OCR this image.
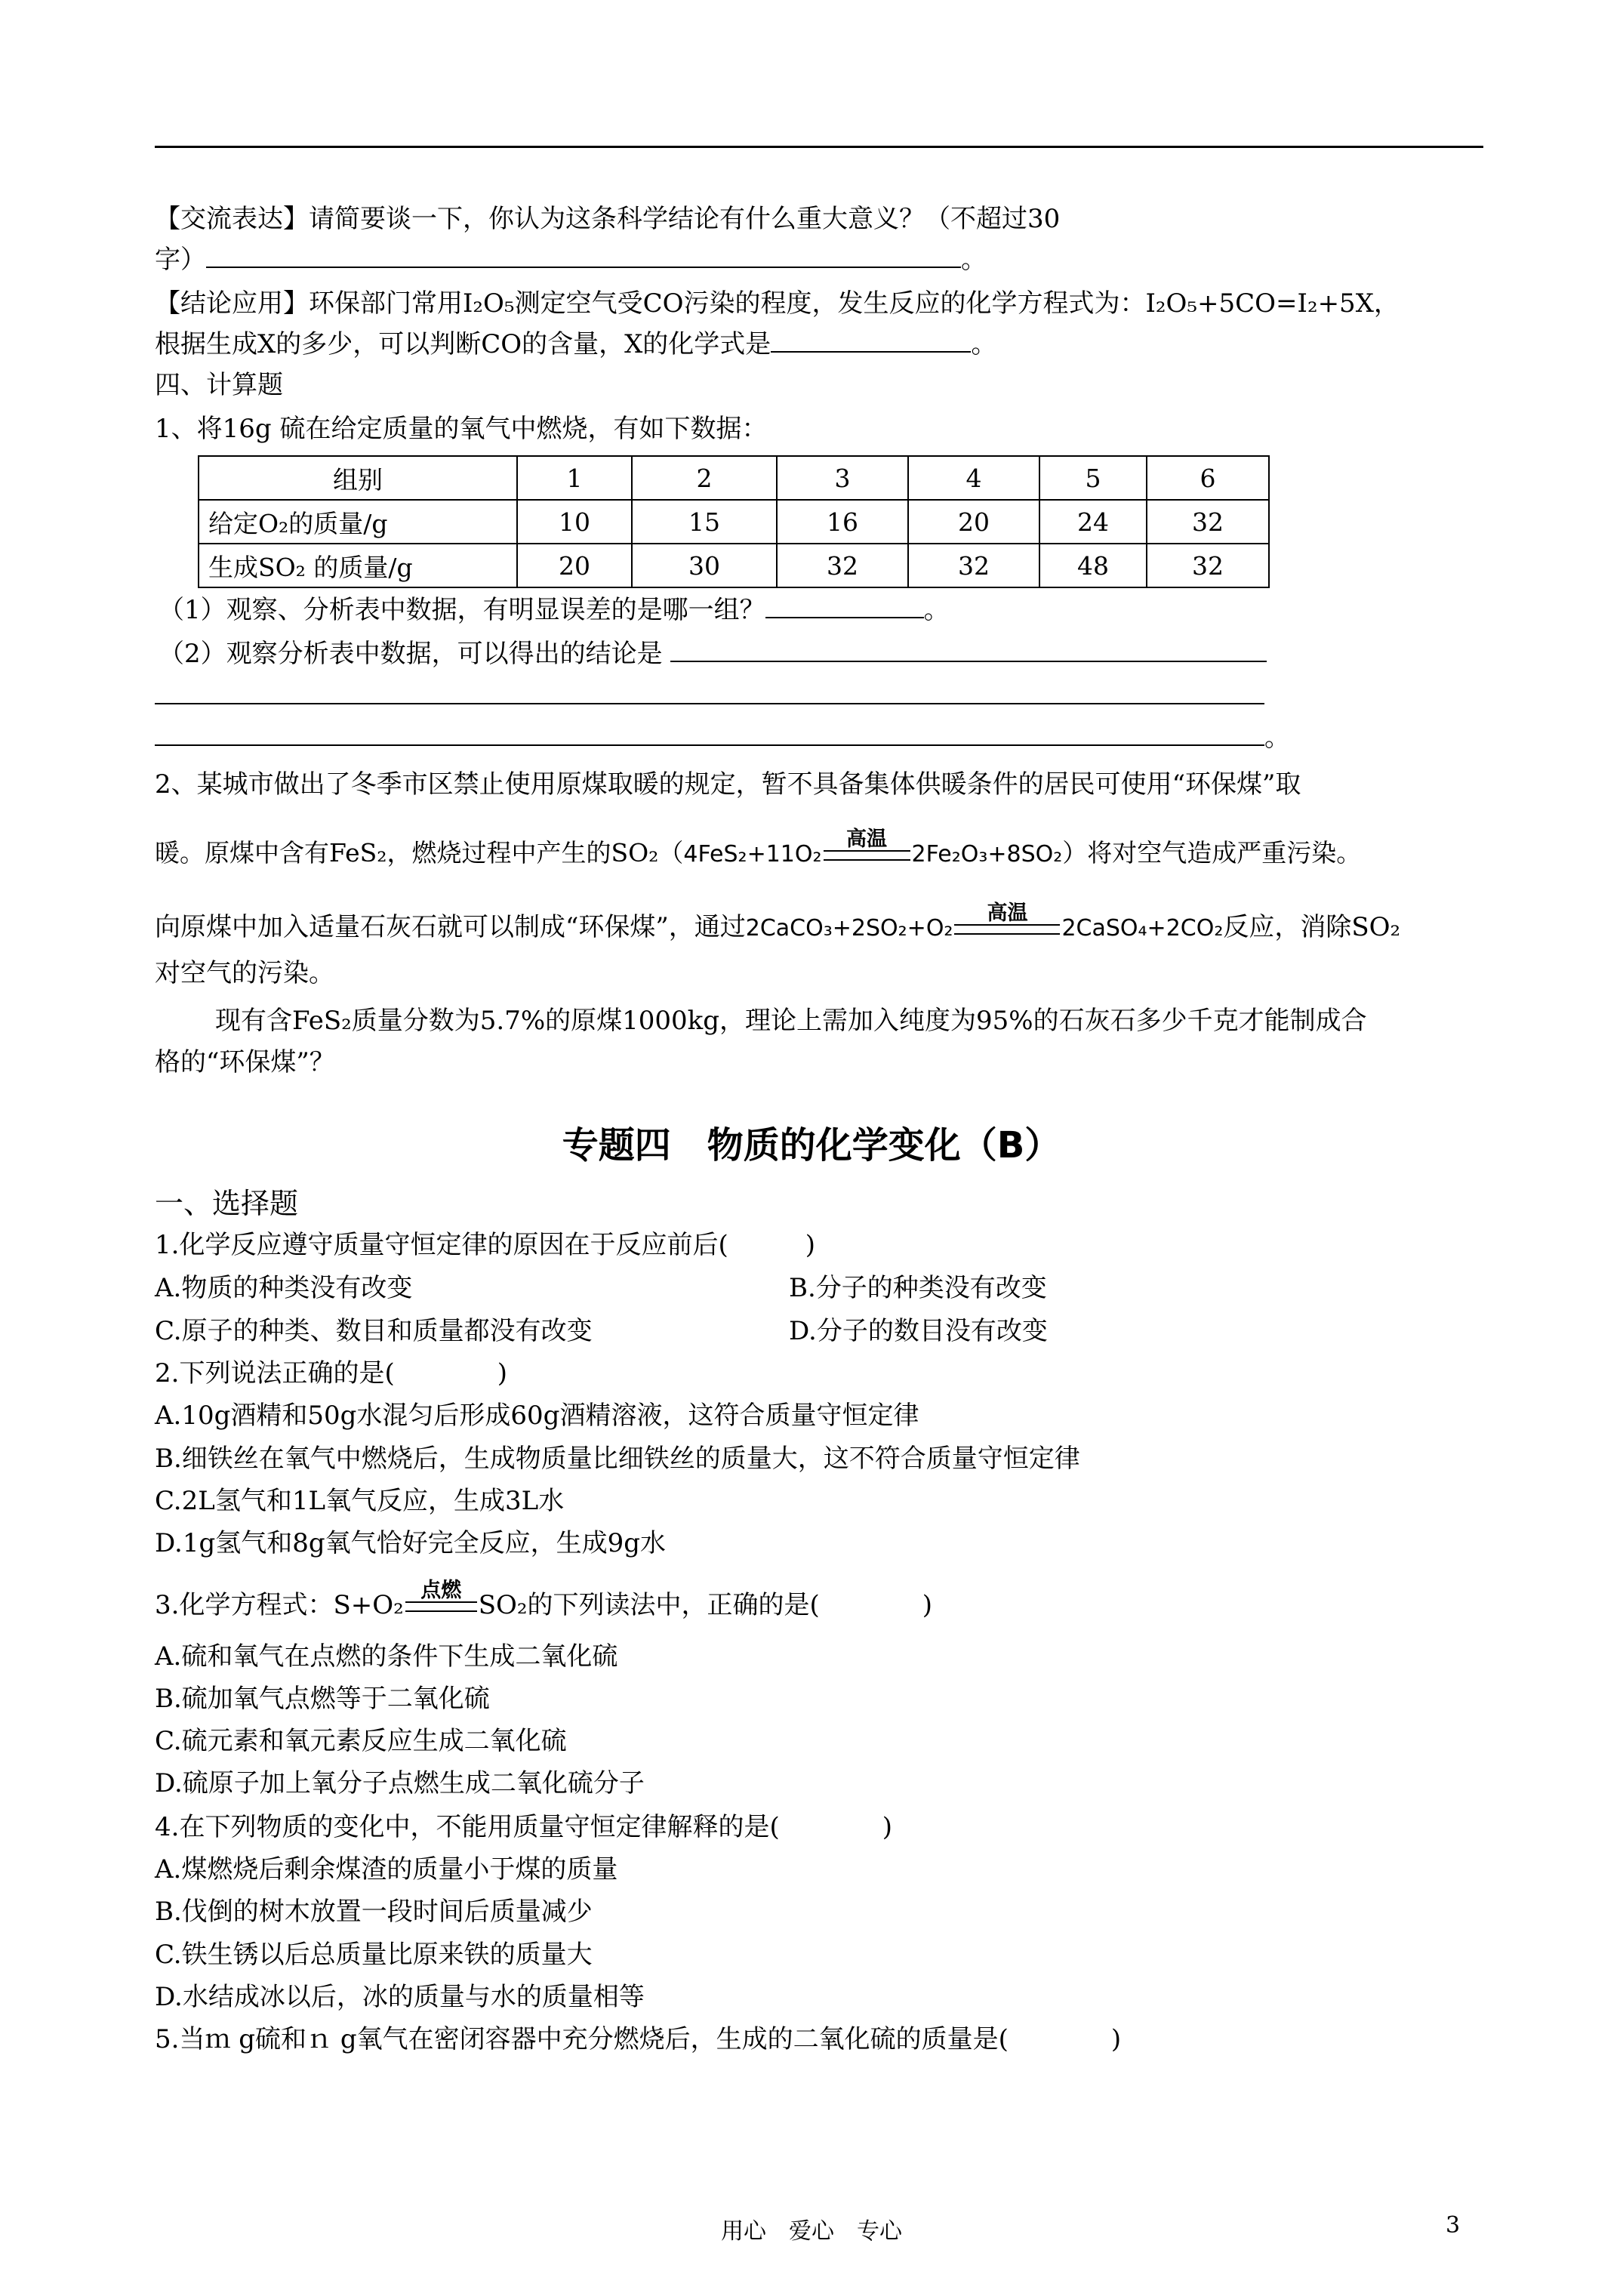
【交流表达】请简要谈一下，你认为这条科学结论有什么重大意义？（不超过30
字）	。
【结论应用】环保部门常用I₂O₅测定空气受CO污染的程度，发生反应的化学方程式为：I₂O₅+5CO=I₂+5X，
根据生成X的多少，可以判断CO的含量，X的化学式是	。
四、计算题
1、将16g 硫在给定质量的氧气中燃烧，有如下数据：
组别	1	2	3	4	5	6
给定O₂的质量/g	10	15	16	20	24	32
生成SO₂ 的质量/g	20	30	32	32	48	32
（1）观察、分析表中数据，有明显误差的是哪一组？	。
（2）观察分析表中数据，可以得出的结论是
。
2、某城市做出了冬季市区禁止使用原煤取暖的规定，暂不具备集体供暖条件的居民可使用“环保煤”取
暖。原煤中含有FeS₂，燃烧过程中产生的SO₂（4FeS₂+11O₂
高温
2Fe₂O₃+8SO₂）将对空气造成严重污染。
向原煤中加入适量石灰石就可以制成“环保煤”，通过2CaCO₃+2SO₂+O₂
高温
2CaSO₄+2CO₂反应，消除SO₂
对空气的污染。
现有含FeS₂质量分数为5.7%的原煤1000kg，理论上需加入纯度为95%的石灰石多少千克才能制成合
格的“环保煤”？
专题四　物质的化学变化（B）
一、选择题
1.化学反应遵守质量守恒定律的原因在于反应前后(　　　)
A.物质的种类没有改变	B.分子的种类没有改变
C.原子的种类、数目和质量都没有改变	D.分子的数目没有改变
2.下列说法正确的是(　　　　)
A.10g酒精和50g水混匀后形成60g酒精溶液，这符合质量守恒定律
B.细铁丝在氧气中燃烧后，生成物质量比细铁丝的质量大，这不符合质量守恒定律
C.2L氢气和1L氧气反应，生成3L水
D.1g氢气和8g氧气恰好完全反应，生成9g水
3.化学方程式：S+O₂ 点燃 SO₂的下列读法中，正确的是(　　　　)
A.硫和氧气在点燃的条件下生成二氧化硫
B.硫加氧气点燃等于二氧化硫
C.硫元素和氧元素反应生成二氧化硫
D.硫原子加上氧分子点燃生成二氧化硫分子
4.在下列物质的变化中，不能用质量守恒定律解释的是(　　　　)
A.煤燃烧后剩余煤渣的质量小于煤的质量
B.伐倒的树木放置一段时间后质量减少
C.铁生锈以后总质量比原来铁的质量大
D.水结成冰以后，冰的质量与水的质量相等
5.当ｍ g硫和ｎ g氧气在密闭容器中充分燃烧后，生成的二氧化硫的质量是(　　　　)
用心　爱心　专心	3
